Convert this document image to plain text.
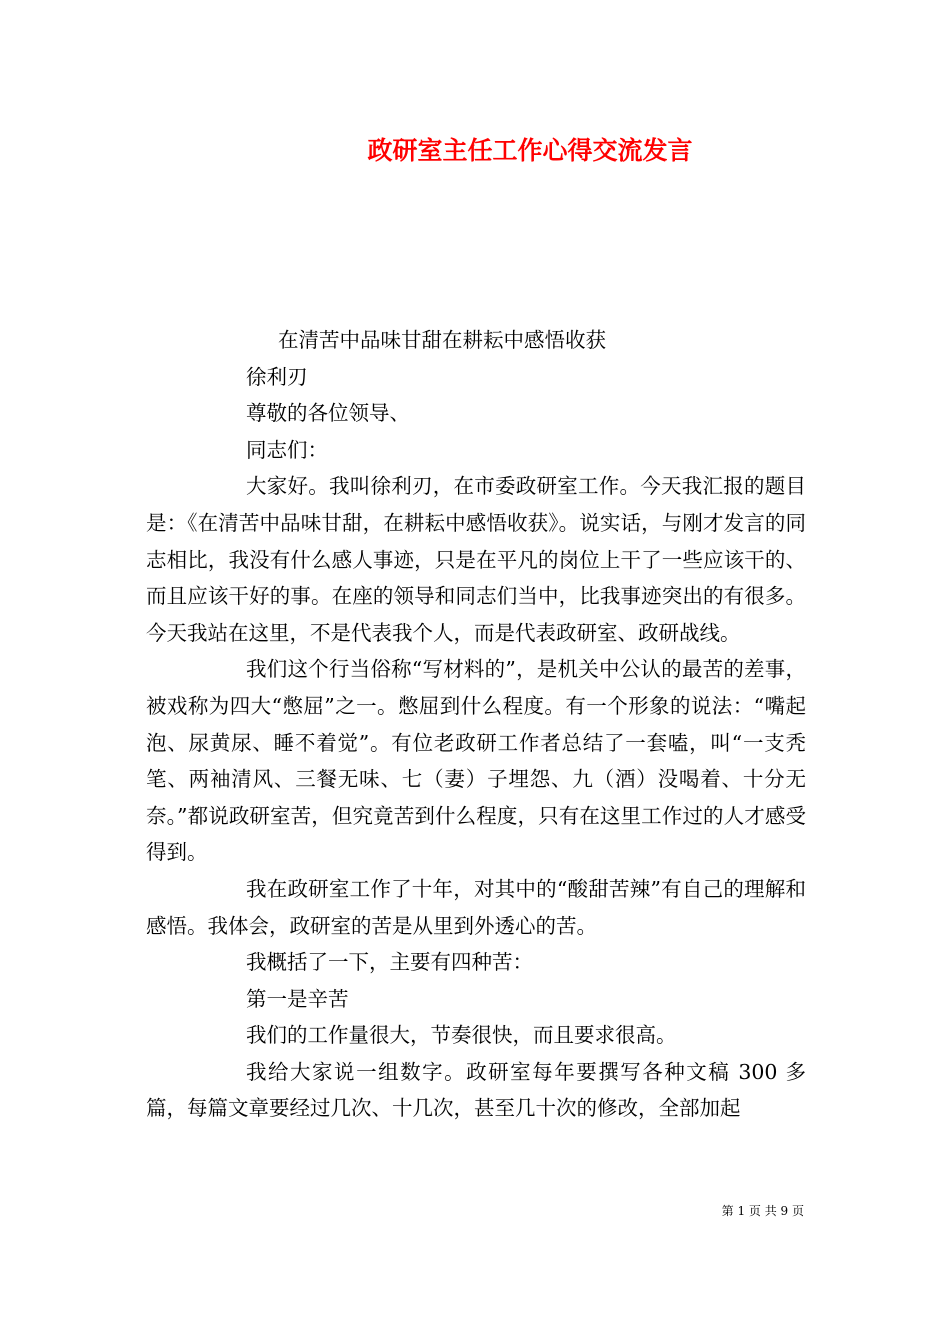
政研室主任工作心得交流发言

在清苦中品味甘甜在耕耘中感悟收获

徐利刃

尊敬的各位领导、

同志们：

大家好。我叫徐利刃，在市委政研室工作。今天我汇报的题目是：《在清苦中品味甘甜，在耕耘中感悟收获》。说实话，与刚才发言的同志相比，我没有什么感人事迹，只是在平凡的岗位上干了一些应该干的、而且应该干好的事。在座的领导和同志们当中，比我事迹突出的有很多。今天我站在这里，不是代表我个人，而是代表政研室、政研战线。

我们这个行当俗称“写材料的”，是机关中公认的最苦的差事，被戏称为四大“憋屈”之一。憋屈到什么程度。有一个形象的说法：“嘴起泡、尿黄尿、睡不着觉”。有位老政研工作者总结了一套嗑，叫“一支秃笔、两袖清风、三餐无味、七（妻）子埋怨、九（酒）没喝着、十分无奈。”都说政研室苦，但究竟苦到什么程度，只有在这里工作过的人才感受得到。

我在政研室工作了十年，对其中的“酸甜苦辣”有自己的理解和感悟。我体会，政研室的苦是从里到外透心的苦。

我概括了一下，主要有四种苦：

第一是辛苦

我们的工作量很大，节奏很快，而且要求很高。

我给大家说一组数字。政研室每年要撰写各种文稿 300 多篇，每篇文章要经过几次、十几次，甚至几十次的修改，全部加起

第 1 页 共 9 页
